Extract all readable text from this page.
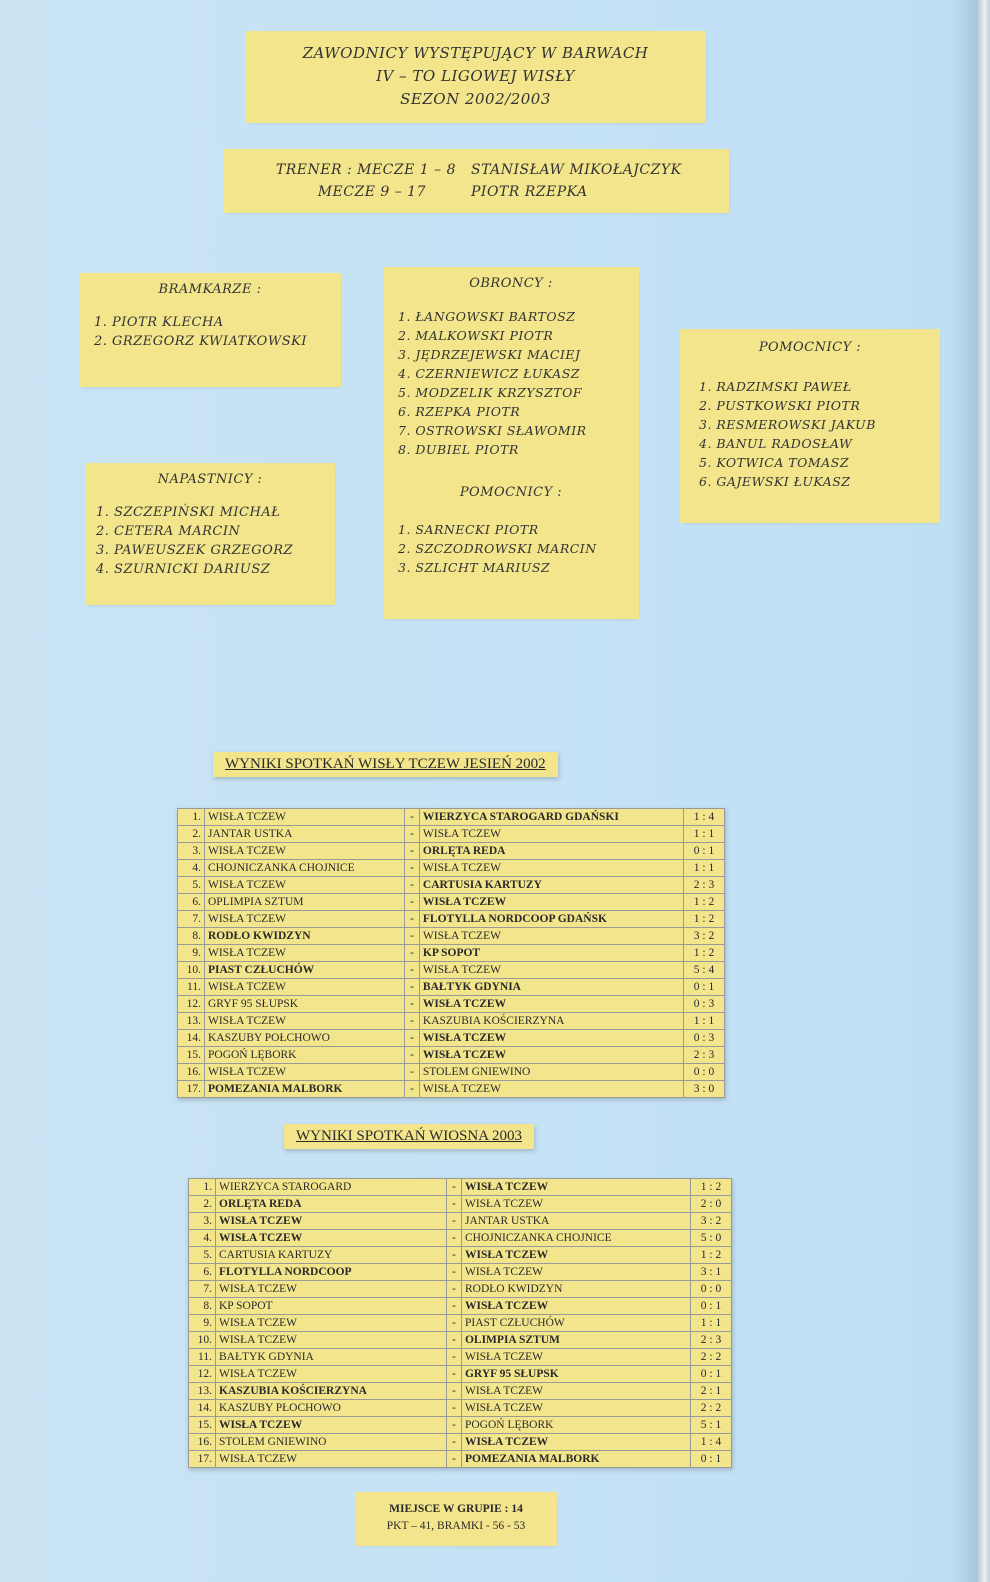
ZAWODNICY WYSTĘPUJĄCY W BARWACH
IV – TO LIGOWEJ WISŁY
SEZON 2002/2003
TRENER : MECZE 1 – 8 STANISŁAW MIKOŁAJCZYK
MECZE 9 – 17	PIOTR RZEPKA
BRAMKARZE :
1. PIOTR KLECHA
2. GRZEGORZ KWIATKOWSKI
NAPASTNICY :
1. SZCZEPIŃSKI MICHAŁ
2. CETERA MARCIN
3. PAWEUSZEK GRZEGORZ
4. SZURNICKI DARIUSZ
OBRONCY :
1. ŁANGOWSKI BARTOSZ
2. MALKOWSKI PIOTR
3. JĘDRZEJEWSKI MACIEJ
4. CZERNIEWICZ ŁUKASZ
5. MODZELIK KRZYSZTOF
6. RZEPKA PIOTR
7. OSTROWSKI SŁAWOMIR
8. DUBIEL PIOTR
POMOCNICY :
1. SARNECKI PIOTR
2. SZCZODROWSKI MARCIN
3. SZLICHT MARIUSZ
POMOCNICY :
1. RADZIMSKI PAWEŁ
2. PUSTKOWSKI PIOTR
3. RESMEROWSKI JAKUB
4. BANUL RADOSŁAW
5. KOTWICA TOMASZ
6. GAJEWSKI ŁUKASZ
WYNIKI SPOTKAŃ WISŁY TCZEW JESIEŃ 2002
1.	WISŁA TCZEW	-	WIERZYCA STAROGARD GDAŃSKI	1 : 4
2.	JANTAR USTKA	-	WISŁA TCZEW	1 : 1
3.	WISŁA TCZEW	-	ORLĘTA REDA	0 : 1
4.	CHOJNICZANKA CHOJNICE	-	WISŁA TCZEW	1 : 1
5.	WISŁA TCZEW	-	CARTUSIA KARTUZY	2 : 3
6.	OPLIMPIA SZTUM	-	WISŁA TCZEW	1 : 2
7.	WISŁA TCZEW	-	FLOTYLLA NORDCOOP GDAŃSK	1 : 2
8.	RODŁO KWIDZYN	-	WISŁA TCZEW	3 : 2
9.	WISŁA TCZEW	-	KP SOPOT	1 : 2
10.	PIAST CZŁUCHÓW	-	WISŁA TCZEW	5 : 4
11.	WISŁA TCZEW	-	BAŁTYK GDYNIA	0 : 1
12.	GRYF 95 SŁUPSK	-	WISŁA TCZEW	0 : 3
13.	WISŁA TCZEW	-	KASZUBIA KOŚCIERZYNA	1 : 1
14.	KASZUBY POŁCHOWO	-	WISŁA TCZEW	0 : 3
15.	POGOŃ LĘBORK	-	WISŁA TCZEW	2 : 3
16.	WISŁA TCZEW	-	STOLEM GNIEWINO	0 : 0
17.	POMEZANIA MALBORK	-	WISŁA TCZEW	3 : 0
WYNIKI SPOTKAŃ WIOSNA 2003
1.	WIERZYCA STAROGARD	-	WISŁA TCZEW	1 : 2
2.	ORLĘTA REDA	-	WISŁA TCZEW	2 : 0
3.	WISŁA TCZEW	-	JANTAR USTKA	3 : 2
4.	WISŁA TCZEW	-	CHOJNICZANKA CHOJNICE	5 : 0
5.	CARTUSIA KARTUZY	-	WISŁA TCZEW	1 : 2
6.	FLOTYLLA NORDCOOP	-	WISŁA TCZEW	3 : 1
7.	WISŁA TCZEW	-	RODŁO KWIDZYN	0 : 0
8.	KP SOPOT	-	WISŁA TCZEW	0 : 1
9.	WISŁA TCZEW	-	PIAST CZŁUCHÓW	1 : 1
10.	WISŁA TCZEW	-	OLIMPIA SZTUM	2 : 3
11.	BAŁTYK GDYNIA	-	WISŁA TCZEW	2 : 2
12.	WISŁA TCZEW	-	GRYF 95 SŁUPSK	0 : 1
13.	KASZUBIA KOŚCIERZYNA	-	WISŁA TCZEW	2 : 1
14.	KASZUBY PŁOCHOWO	-	WISŁA TCZEW	2 : 2
15.	WISŁA TCZEW	-	POGOŃ LĘBORK	5 : 1
16.	STOLEM GNIEWINO	-	WISŁA TCZEW	1 : 4
17.	WISŁA TCZEW	-	POMEZANIA MALBORK	0 : 1
MIEJSCE W GRUPIE : 14
PKT – 41, BRAMKI - 56 - 53
